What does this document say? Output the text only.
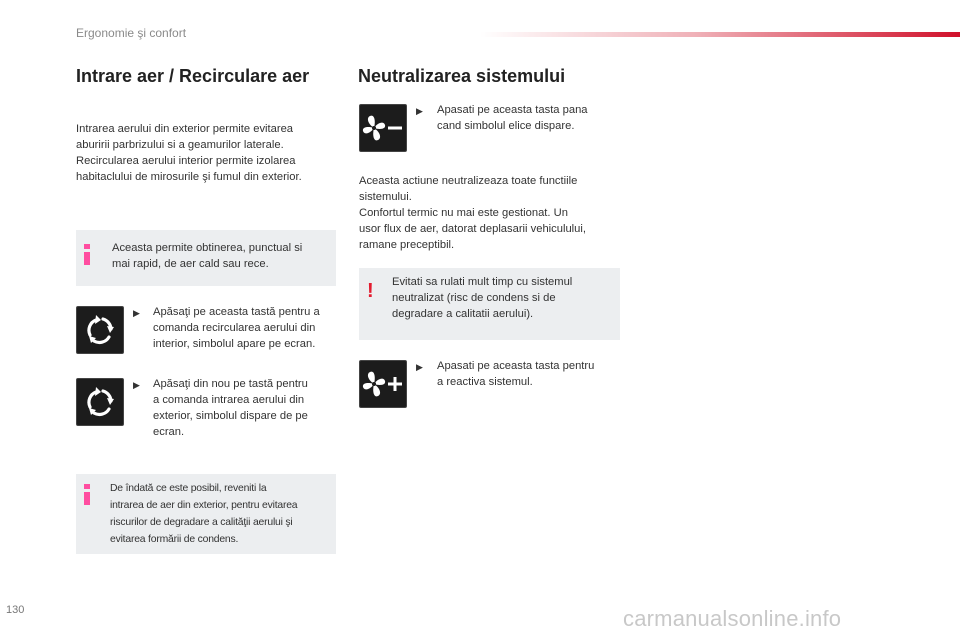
Ergonomie şi confort
Intrare aer / Recirculare aer
Intrarea aerului din exterior permite evitarea
aburirii parbrizului si a geamurilor laterale.
Recircularea aerului interior permite izolarea
habitaclului de mirosurile şi fumul din exterior.
Aceasta permite obtinerea, punctual si
mai rapid, de aer cald sau rece.
▶ Apăsaţi pe aceasta tastă pentru a
comanda recircularea aerului din
interior, simbolul apare pe ecran.
▶ Apăsaţi din nou pe tastă pentru
a comanda intrarea aerului din
exterior, simbolul dispare de pe
ecran.
De îndată ce este posibil, reveniti la
intrarea de aer din exterior, pentru evitarea
riscurilor de degradare a calităţii aerului şi
evitarea formării de condens.
Neutralizarea sistemului
▶ Apasati pe aceasta tasta pana
cand simbolul elice dispare.
Aceasta actiune neutralizeaza toate functiile
sistemului.
Confortul termic nu mai este gestionat. Un
usor flux de aer, datorat deplasarii vehiculului,
ramane preceptibil.
! Evitati sa rulati mult timp cu sistemul
neutralizat (risc de condens si de
degradare a calitatii aerului).
▶ Apasati pe aceasta tasta pentru
a reactiva sistemul.
130	carmanualsonline.info
